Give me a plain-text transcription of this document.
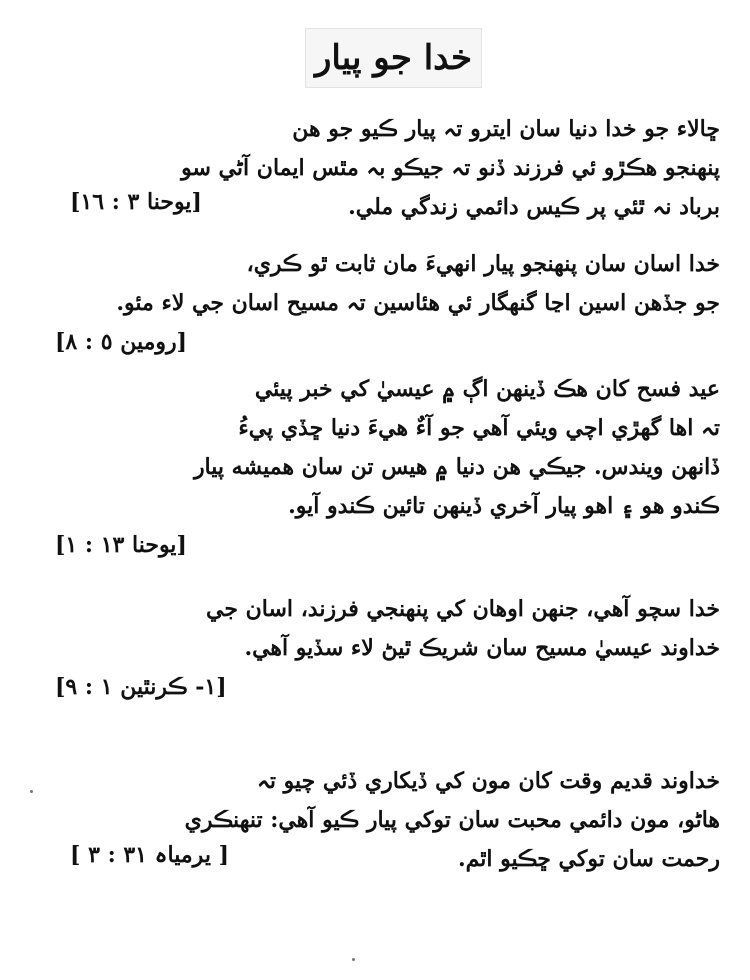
خدا جو پيار
ڇالاء جو خدا دنيا سان ايترو تہ پيار ڪيو جو ھن
پنھنجو ھڪڙو ئي فرزند ڏنو تہ جيڪو بہ مٿس ايمان آڻي سو
برباد نہ ٿئي پر ڪيس دائمي زندگي ملي.
[يوحنا ٣ : ١٦]
خدا اسان سان پنھنجو پيار انھيءَ مان ثابت ٿو ڪري،
جو جڏھن اسين اڃا گنھگار ئي ھئاسين تہ مسيح اسان جي لاء مئو.
[رومين ٥ : ٨]
عيد فسح کان ھڪ ڏينھن اڳ ۾ عيسيٰ کي خبر پيئي
تہ اھا گھڙي اچي ويئي آھي جو آءٌ ھيءَ دنيا ڇڏي پيءُ
ڏانھن ويندس. جيڪي ھن دنيا ۾ ھيس تن سان ھميشه پيار
ڪندو ھو ۽ اھو پيار آخري ڏينھن تائين ڪندو آيو.
[يوحنا ١٣ : ١]
خدا سچو آھي، جنھن اوھان کي پنھنجي فرزند، اسان جي
خداوند عيسيٰ مسيح سان شريڪ ٿيڻ لاء سڏيو آھي.
[١- ڪرنٿين ١ : ٩]
خداوند قديم وقت کان مون کي ڏيکاري ڏئي چيو تہ
ھاڻو، مون دائمي محبت سان توکي پيار ڪيو آھي: تنھنڪري
رحمت سان توکي ڇڪيو اٿم.
[ يرمياہ ٣١ : ٣ ]
